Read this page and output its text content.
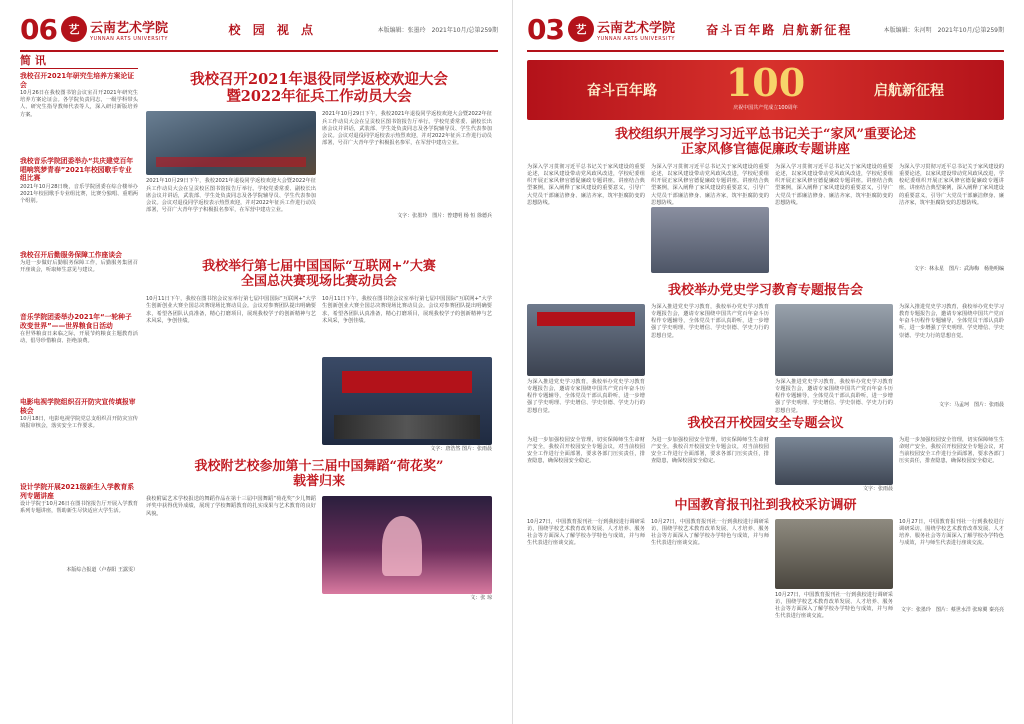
06	艺 云南艺术学院
YUNNAN ARTS UNIVERSITY
校 园 视 点	本版编辑：张墨玲　2021年10月/总第259期
简 讯
我校召开2021年研究生培养方案论证会
10月26日在我校图书馆会议室召开2021年研究生培养方案论证会。各学院负责同志，一级学科带头人、研究生指导教师代表等人，深入研讨新版培养方案。
我校音乐学院团委举办“共庆建党百年 唱响筑梦青春”2021年校园歌手专业组比赛
2021年10月28日晚，音乐学院团委在综合楼举办2021年校园歌手专业组比赛，比赛分独唱、重唱两个组别。
我校召开后勤服务保障工作座谈会
为进一步做好后勤服务保障工作，后勤服务集团召开座谈会，听取师生意见与建议。
音乐学院团委举办2021年“一轮种子改变世界”——世界粮食日活动
在世界粮食日来临之际，开展节约粮食主题教育活动，倡导珍惜粮食、拒绝浪费。
电影电视学院组织召开防灾宣传填报审核会
10月18日，电影电视学院党总支组织召开防灾宣传填报审核会，落实安全工作要求。
设计学院开展2021级新生入学教育系列专题讲座
设计学院于10月26日在图书馆报告厅开展入学教育系列专题讲座，帮助新生尽快适应大学生活。
本版综合报道（卢春阳 王露雯）
我校召开2021年退役同学返校欢迎大会
暨2022年征兵工作动员大会
2021年10月29日下午，我校2021年退役同学返校欢迎大会暨2022年征兵工作动员大会在呈贡校区图书馆报告厅举行。学校党委常委、副校长出席会议并讲话，武装部、学生处负责同志及各学院辅导员、学生代表参加会议。会议对退役同学返校表示热烈欢迎，并对2022年征兵工作进行动员部署，号召广大青年学子积极报名参军，在军营中建功立业。
2021年10月29日下午，我校2021年退役同学返校欢迎大会暨2022年征兵工作动员大会在呈贡校区图书馆报告厅举行。学校党委常委、副校长出席会议并讲话，武装部、学生处负责同志及各学院辅导员、学生代表参加会议。会议对退役同学返校表示热烈欢迎，并对2022年征兵工作进行动员部署，号召广大青年学子积极报名参军，在军营中建功立业。
文字：张墨玲　图片：曾建明 杨 恒 徐德兵
我校举行第七届中国国际“互联网+”大赛
全国总决赛现场比赛动员会
10月11日下午，我校在图书馆会议室举行第七届中国国际“互联网+”大学生创新创业大赛全国总决赛现场比赛动员会。会议对参赛团队提出明确要求，希望各团队认真准备，精心打磨项目，展现我校学子的创新精神与艺术风采，争创佳绩。
10月11日下午，我校在图书馆会议室举行第七届中国国际“互联网+”大学生创新创业大赛全国总决赛现场比赛动员会。会议对参赛团队提出明确要求，希望各团队认真准备，精心打磨项目，展现我校学子的创新精神与艺术风采，争创佳绩。
文字：唐浩然 图片：张雨晨
我校附艺校参加第十三届中国舞蹈“荷花奖”
载誉归来
我校附属艺术学校报送的舞蹈作品在第十三届中国舞蹈“荷花奖”少儿舞蹈评奖中获得优异成绩，展现了学校舞蹈教育的扎实成果与艺术教育的良好风貌。
文：张 琼
03	艺 云南艺术学院
YUNNAN ARTS UNIVERSITY
奋斗百年路 启航新征程	本版编辑：朱河明　2021年10月/总第259期
奋斗百年路 100
庆祝中国共产党成立100周年
启航新征程
我校组织开展学习习近平总书记关于“家风”重要论述
正家风修官德促廉政专题讲座
为深入学习贯彻习近平总书记关于家风建设的重要论述，以家风建设带动党风政风改进，学校纪委组织开展正家风修官德促廉政专题讲座。讲座结合典型案例，深入阐释了家风建设的重要意义，引导广大党员干部廉洁修身、廉洁齐家，筑牢拒腐防变的思想防线。
为深入学习贯彻习近平总书记关于家风建设的重要论述，以家风建设带动党风政风改进，学校纪委组织开展正家风修官德促廉政专题讲座。讲座结合典型案例，深入阐释了家风建设的重要意义，引导广大党员干部廉洁修身、廉洁齐家，筑牢拒腐防变的思想防线。
为深入学习贯彻习近平总书记关于家风建设的重要论述，以家风建设带动党风政风改进，学校纪委组织开展正家风修官德促廉政专题讲座。讲座结合典型案例，深入阐释了家风建设的重要意义，引导广大党员干部廉洁修身、廉洁齐家，筑牢拒腐防变的思想防线。
为深入学习贯彻习近平总书记关于家风建设的重要论述，以家风建设带动党风政风改进，学校纪委组织开展正家风修官德促廉政专题讲座。讲座结合典型案例，深入阐释了家风建设的重要意义，引导广大党员干部廉洁修身、廉洁齐家，筑牢拒腐防变的思想防线。
文字：林永星　图片：武海梅　杨艳明编
我校举办党史学习教育专题报告会
为深入推进党史学习教育，我校举办党史学习教育专题报告会，邀请专家围绕中国共产党百年奋斗历程作专题辅导，全体党员干部认真聆听，进一步增强了学史明理、学史增信、学史崇德、学史力行的思想自觉。
为深入推进党史学习教育，我校举办党史学习教育专题报告会，邀请专家围绕中国共产党百年奋斗历程作专题辅导，全体党员干部认真聆听，进一步增强了学史明理、学史增信、学史崇德、学史力行的思想自觉。
为深入推进党史学习教育，我校举办党史学习教育专题报告会，邀请专家围绕中国共产党百年奋斗历程作专题辅导，全体党员干部认真聆听，进一步增强了学史明理、学史增信、学史崇德、学史力行的思想自觉。
为深入推进党史学习教育，我校举办党史学习教育专题报告会，邀请专家围绕中国共产党百年奋斗历程作专题辅导，全体党员干部认真聆听，进一步增强了学史明理、学史增信、学史崇德、学史力行的思想自觉。
文字：马孟珂　图片：张雨晨
我校召开校园安全专题会议
为进一步加强校园安全管理，切实保障师生生命财产安全，我校召开校园安全专题会议，对当前校园安全工作进行全面部署，要求各部门压实责任，排查隐患，确保校园安全稳定。
为进一步加强校园安全管理，切实保障师生生命财产安全，我校召开校园安全专题会议，对当前校园安全工作进行全面部署，要求各部门压实责任，排查隐患，确保校园安全稳定。
文字：张雨晨
为进一步加强校园安全管理，切实保障师生生命财产安全，我校召开校园安全专题会议，对当前校园安全工作进行全面部署，要求各部门压实责任，排查隐患，确保校园安全稳定。
中国教育报刊社到我校采访调研
10月27日，中国教育报刊社一行到我校进行调研采访，围绕学校艺术教育改革发展、人才培养、服务社会等方面深入了解学校办学特色与成效，并与师生代表进行座谈交流。
10月27日，中国教育报刊社一行到我校进行调研采访，围绕学校艺术教育改革发展、人才培养、服务社会等方面深入了解学校办学特色与成效，并与师生代表进行座谈交流。
10月27日，中国教育报刊社一行到我校进行调研采访，围绕学校艺术教育改革发展、人才培养、服务社会等方面深入了解学校办学特色与成效，并与师生代表进行座谈交流。
10月27日，中国教育报刊社一行到我校进行调研采访，围绕学校艺术教育改革发展、人才培养、服务社会等方面深入了解学校办学特色与成效，并与师生代表进行座谈交流。
文字：张墨玲　图片：蔡世水洋 张琼翼 秦亮亮
